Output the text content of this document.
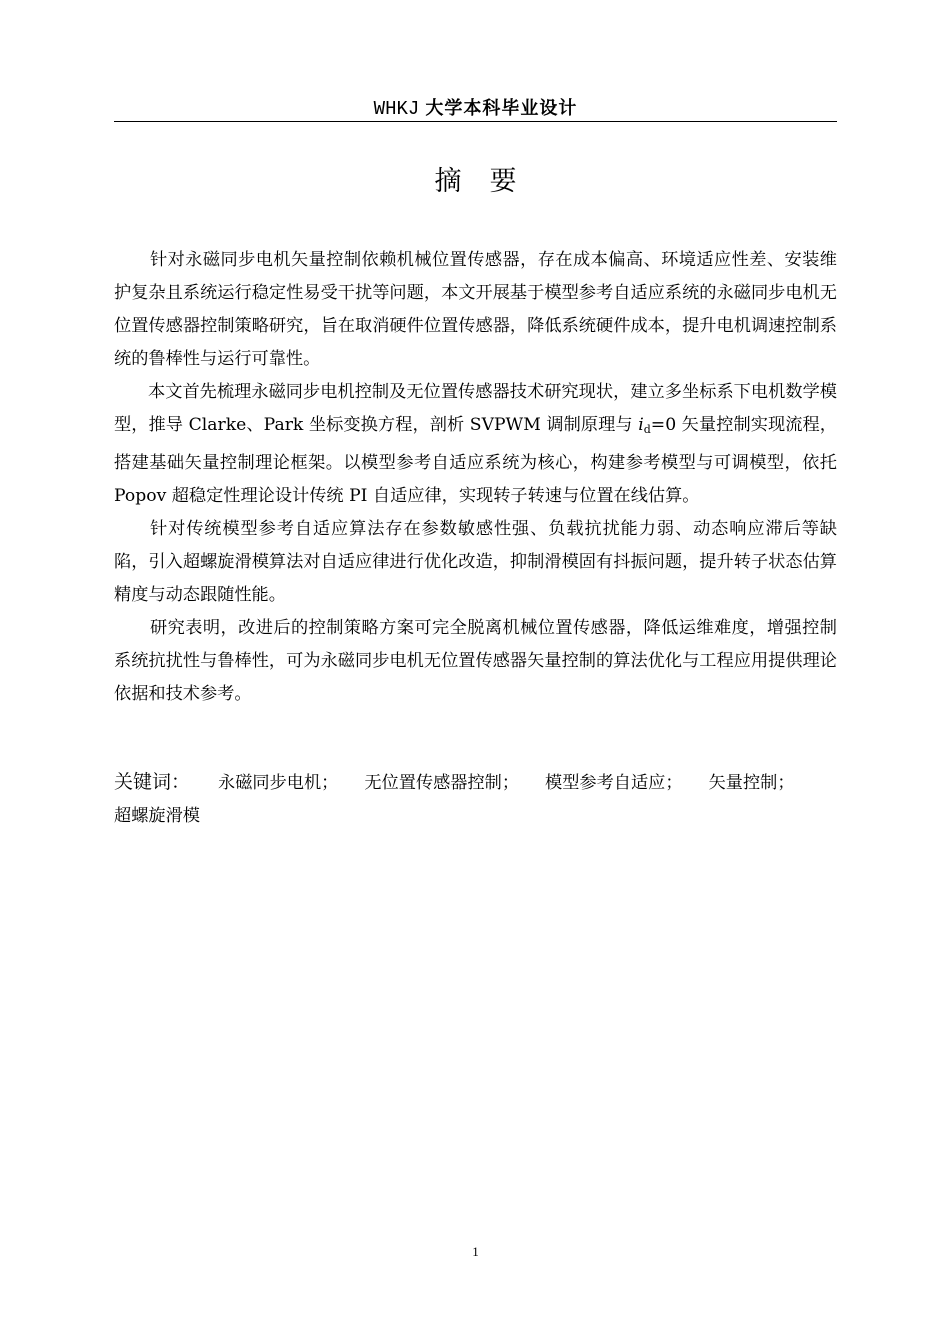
WHKJ 大学本科毕业设计
摘要

针对永磁同步电机矢量控制依赖机械位置传感器，存在成本偏高、环境适应性差、安装维护复杂且系统运行稳定性易受干扰等问题，本文开展基于模型参考自适应系统的永磁同步电机无位置传感器控制策略研究，旨在取消硬件位置传感器，降低系统硬件成本，提升电机调速控制系统的鲁棒性与运行可靠性。

本文首先梳理永磁同步电机控制及无位置传感器技术研究现状，建立多坐标系下电机数学模型，推导 Clarke、Park 坐标变换方程，剖析 SVPWM 调制原理与 $i_d=0$ 矢量控制实现流程，搭建基础矢量控制理论框架。以模型参考自适应系统为核心，构建参考模型与可调模型，依托 Popov 超稳定性理论设计传统 PI 自适应律，实现转子转速与位置在线估算。

针对传统模型参考自适应算法存在参数敏感性强、负载抗扰能力弱、动态响应滞后等缺陷，引入超螺旋滑模算法对自适应律进行优化改造，抑制滑模固有抖振问题，提升转子状态估算精度与动态跟随性能。

研究表明，改进后的控制策略方案可完全脱离机械位置传感器，降低运维难度，增强控制系统抗扰性与鲁棒性，可为永磁同步电机无位置传感器矢量控制的算法优化与工程应用提供理论依据和技术参考。

关键词： 永磁同步电机； 无位置传感器控制； 模型参考自适应； 矢量控制；超螺旋滑模
1
